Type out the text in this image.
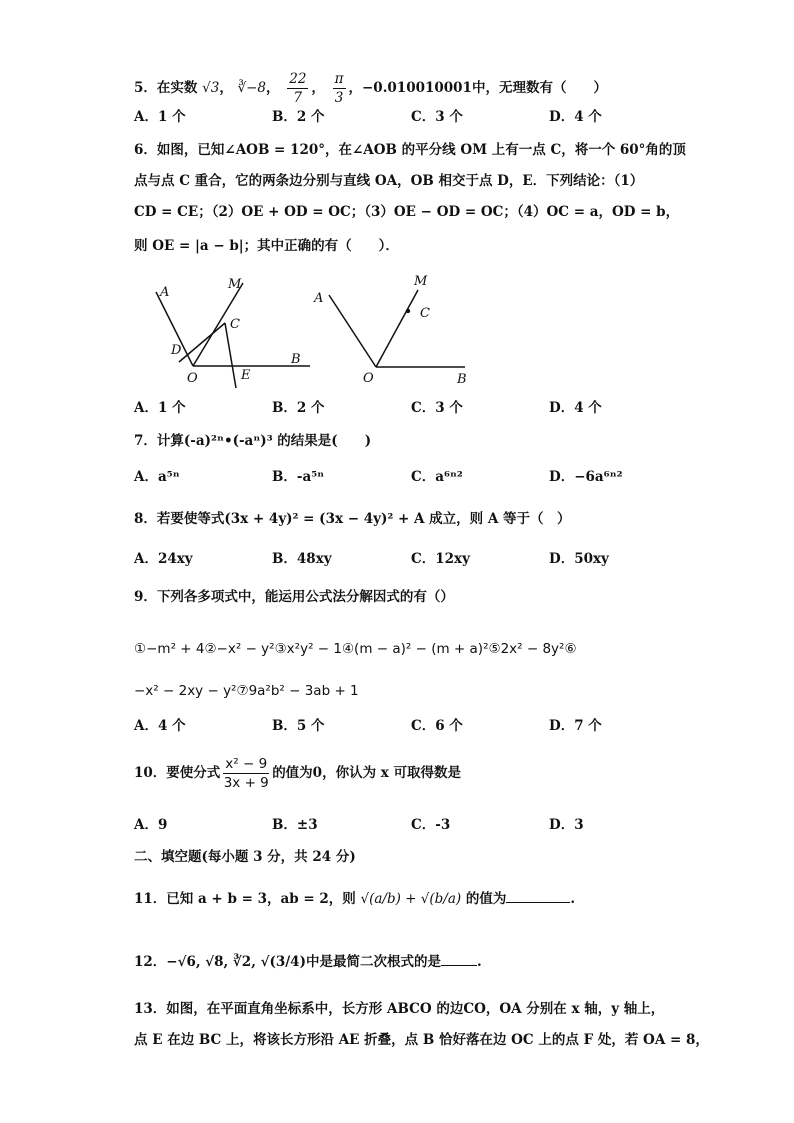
5．在实数 √3， ∛−8， $\frac{22}{7}$ ， $\frac{\pi}{3}$ ，−0.010010001中，无理数有（　　）
A．1 个	B．2 个	C．3 个	D．4 个
6．如图，已知∠AOB = 120°，在∠AOB 的平分线 OM 上有一点 C，将一个 60°角的顶
点与点 C 重合，它的两条边分别与直线 OA，OB 相交于点 D，E．下列结论：（1）
CD = CE；（2）OE + OD = OC；（3）OE − OD = OC；（4）OC = a，OD = b，
则 OE = |a − b|；其中正确的有（　　）．
A
M
C
D
O	E
B
A
M
C
O	B
A．1 个	B．2 个	C．3 个	D．4 个
7．计算(-a)²ⁿ•(-aⁿ)³ 的结果是(　　)
A．a⁵ⁿ	B．-a⁵ⁿ	C．a⁶ⁿ²	D．−6a⁶ⁿ²
8．若要使等式(3x + 4y)² = (3x − 4y)² + A 成立，则 A 等于（　）
A．24xy	B．48xy	C．12xy	D．50xy
9．下列各多项式中，能运用公式法分解因式的有（）
①−m² + 4②−x² − y²③x²y² − 1④(m − a)² − (m + a)²⑤2x² − 8y²⑥
−x² − 2xy − y²⑦9a²b² − 3ab + 1
A．4 个	B．5 个	C．6 个	D．7 个
10．要使分式 $\frac{\text{x² − 9}}{3x + 9}$ 的值为0，你认为 x 可取得数是
A．9	B．±3	C．-3	D．3
二、填空题(每小题 3 分，共 24 分)
11．已知 a + b = 3，ab = 2，则 √(a/b) + √(b/a) 的值为	.
12．−√6, √8, ∛2, √(3/4)中是最简二次根式的是	.
13．如图，在平面直角坐标系中，长方形 ABCO 的边CO，OA 分别在 x 轴，y 轴上，
点 E 在边 BC 上，将该长方形沿 AE 折叠，点 B 恰好落在边 OC 上的点 F 处，若 OA = 8，
